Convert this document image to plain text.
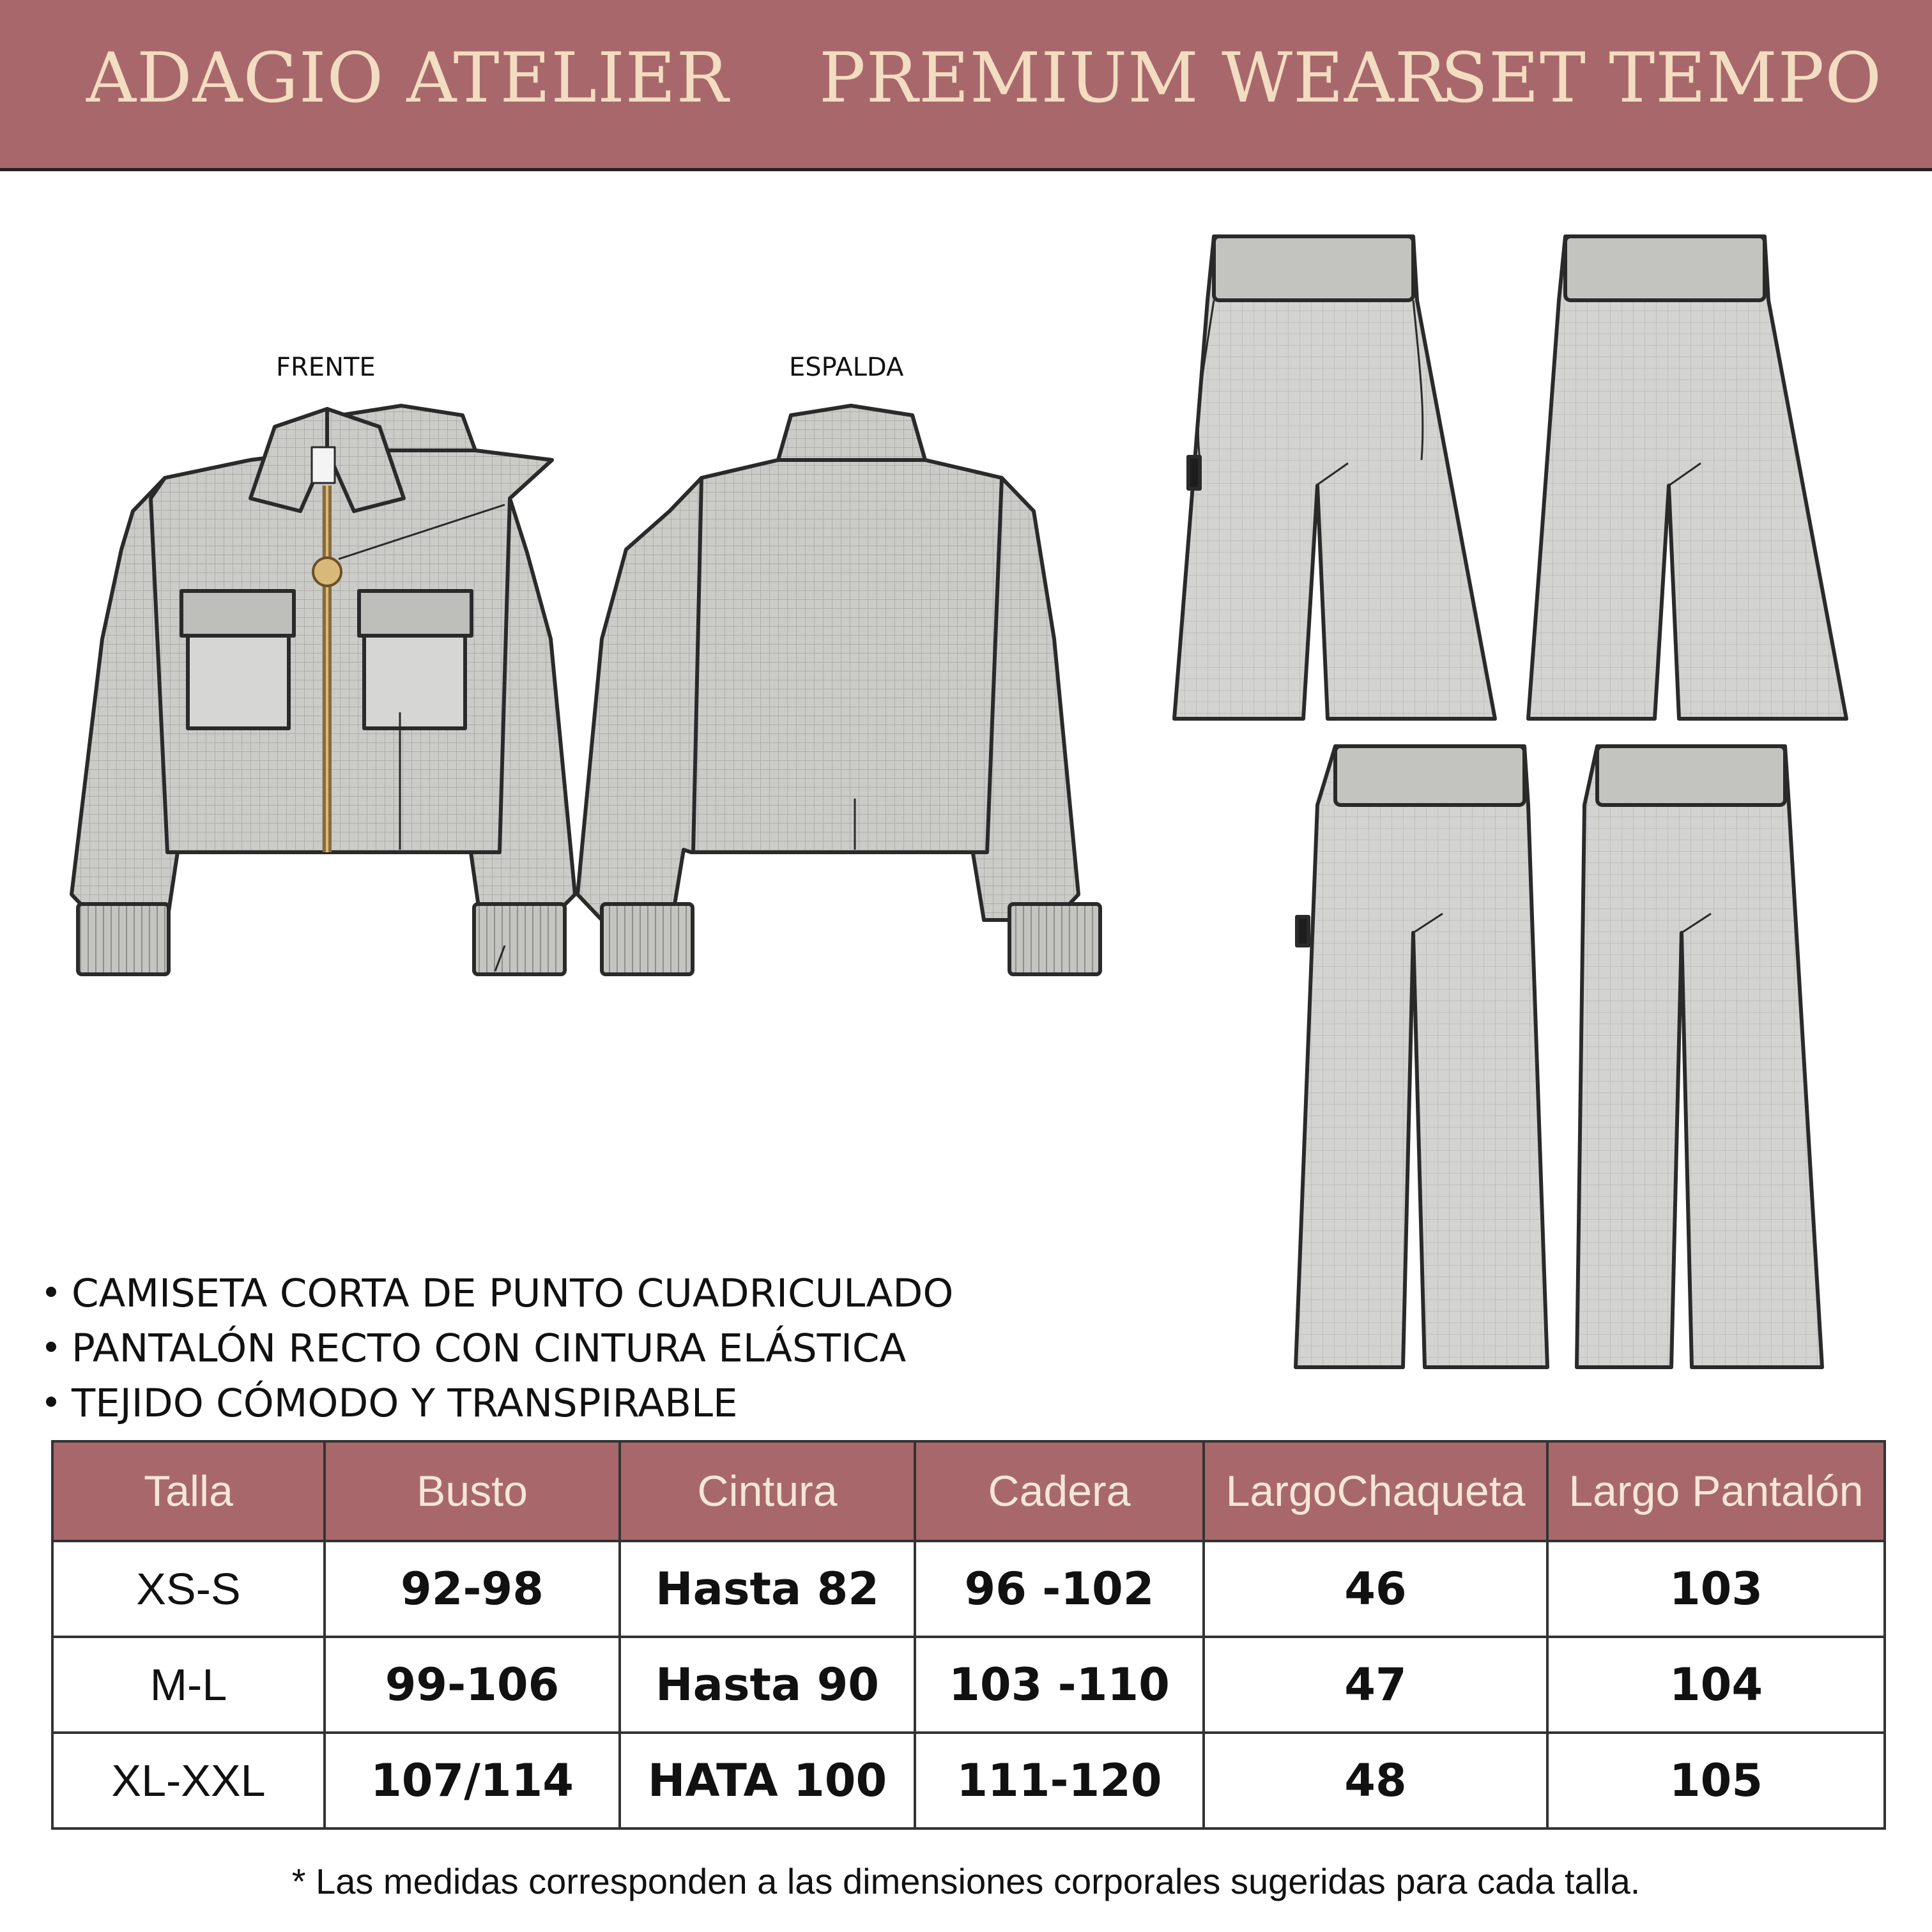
ADAGIO ATELIER PREMIUM WEAR
SET TEMPO
FRENTE	ESPALDA
CAMISETA CORTA DE PUNTO CUADRICULADO
PANTALÓN RECTO CON CINTURA ELÁSTICA
TEJIDO CÓMODO Y TRANSPIRABLE
Talla	Busto	Cintura	Cadera	LargoChaqueta	Largo Pantalón
XS-S	92-98	Hasta 82	96 -102	46	103
M-L	99-106	Hasta 90	103 -110	47	104
XL-XXL	107/114	HATA 100	111-120	48	105
* Las medidas corresponden a las dimensiones corporales sugeridas para cada talla.
